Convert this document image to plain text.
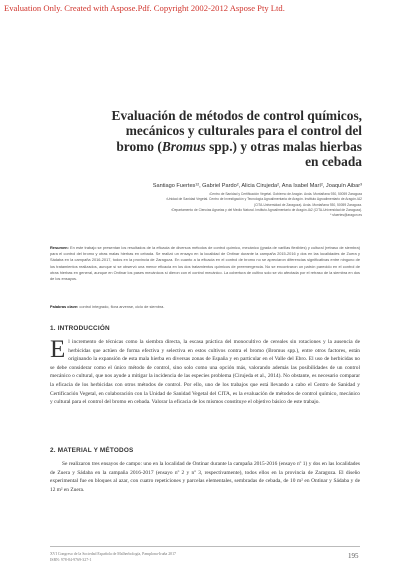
Evaluation Only. Created with Aspose.Pdf. Copyright 2002-2012 Aspose Pty Ltd.
Evaluación de métodos de control químicos,
mecánicos y culturales para el control del
bromo (Bromus spp.) y otras malas hierbas
en cebada
Santiago Fuertes¹², Gabriel Pardo², Alicia Cirujeda², Ana Isabel Marí², Joaquín Aibar³
¹Centro de Sanidad y Certificación Vegetal. Gobierno de Aragón. Avda. Montañana 930, 50059 Zaragoza
²Unidad de Sanidad Vegetal. Centro de Investigación y Tecnología Agroalimentaria de Aragón. Instituto Agroalimentario de Aragón-IA2
(CITA-Universidad de Zaragoza). Avda. Montañana 930, 50059 Zaragoza.
³Departamento de Ciencias Agrarias y del Medio Natural. Instituto Agroalimentario de Aragón-IA2 (CITA-Universidad de Zaragoza).
* sfuertes@aragon.es
Resumen: En este trabajo se presentan los resultados de la eficacia de diversos métodos de control químico, mecánico (grada de varillas flexibles) y cultural (retraso de siembra) para el control del bromo y otras malas hierbas en cebada. Se realizó un ensayo en la localidad de Ontinar durante la campaña 2015-2016 y dos en las localidades de Zuera y Sádaba en la campaña 2016-2017, todos en la provincia de Zaragoza. En cuanto a la eficacia en el control de bromo no se apreciaron diferencias significativas entre ninguno de los tratamientos realizados, aunque sí se observó una menor eficacia en los dos tratamientos químicos de preemergencia. No se encontraron un patrón parecido en el control de otras hierbas en general, aunque en Ontinar los pases mecánicos sí dieron con el control mecánico. La cobertura de cultivo solo se vio afectada por el retraso de la siembra en dos de los ensayos.
Palabras clave: control integrado, flora arvense, ciclo de siembra.
1. INTRODUCCIÓN
El incremento de técnicas como la siembra directa, la escasa práctica del monocultivo de cereales sin rotaciones y la ausencia de herbicidas que actúen de forma efectiva y selectiva en estos cultivos contra el bromo (Bromus spp.), entre otros factores, están originando la expansión de esta mala hierba en diversas zonas de España y en particular en el Valle del Ebro. El uso de herbicidas no se debe considerar como el único método de control, sino solo como una opción más, valorando además las posibilidades de un control mecánico o cultural, que nos ayude a mitigar la incidencia de las especies problema (Cirujeda et al., 2014). No obstante, es necesario comparar la eficacia de los herbicidas con otros métodos de control. Por ello, uno de los trabajos que está llevando a cabo el Centro de Sanidad y Certificación Vegetal, en colaboración con la Unidad de Sanidad Vegetal del CITA, es la evaluación de métodos de control químico, mecánico y cultural para el control del bromo en cebada. Valorar la eficacia de los mismos constituye el objetivo básico de este trabajo.
2. MATERIAL Y MÉTODOS
Se realizaron tres ensayos de campo: uno en la localidad de Ontinar durante la campaña 2015-2016 (ensayo nº 1) y dos en las localidades de Zuera y Sádaba en la campaña 2016-2017 (ensayo nº 2 y nº 3, respectivamente), todos ellos en la provincia de Zaragoza. El diseño experimental fue en bloques al azar, con cuatro repeticiones y parcelas elementales, sembradas de cebada, de 10 m² en Ontinar y Sádaba y de 12 m² en Zuera.
XVI Congreso de la Sociedad Española de Malherbología, Pamplona-Iruña 2017
ISBN: 978-84-9769-327-1	195
